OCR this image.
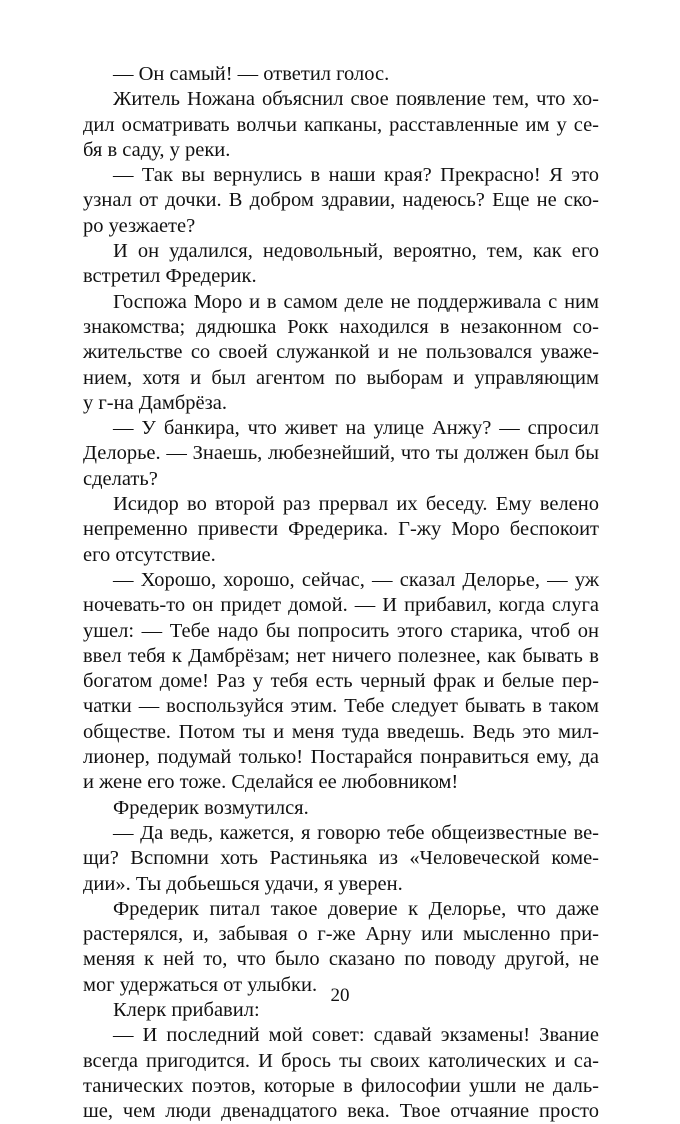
— Он самый! — ответил голос.
Житель Ножана объяснил свое появление тем, что хо-
дил осматривать волчьи капканы, расставленные им у се-
бя в саду, у реки.
— Так вы вернулись в наши края? Прекрасно! Я это
узнал от дочки. В добром здравии, надеюсь? Еще не ско-
ро уезжаете?
И он удалился, недовольный, вероятно, тем, как его
встретил Фредерик.
Госпожа Моро и в самом деле не поддерживала с ним
знакомства; дядюшка Рокк находился в незаконном со-
жительстве со своей служанкой и не пользовался уваже-
нием, хотя и был агентом по выборам и управляющим
у г-на Дамбрёза.
— У банкира, что живет на улице Анжу? — спросил
Делорье. — Знаешь, любезнейший, что ты должен был бы
сделать?
Исидор во второй раз прервал их беседу. Ему велено
непременно привести Фредерика. Г-жу Моро беспокоит
его отсутствие.
— Хорошо, хорошо, сейчас, — сказал Делорье, — уж
ночевать-то он придет домой. — И прибавил, когда слуга
ушел: — Тебе надо бы попросить этого старика, чтоб он
ввел тебя к Дамбрёзам; нет ничего полезнее, как бывать в
богатом доме! Раз у тебя есть черный фрак и белые пер-
чатки — воспользуйся этим. Тебе следует бывать в таком
обществе. Потом ты и меня туда введешь. Ведь это мил-
лионер, подумай только! Постарайся понравиться ему, да
и жене его тоже. Сделайся ее любовником!
Фредерик возмутился.
— Да ведь, кажется, я говорю тебе общеизвестные ве-
щи? Вспомни хоть Растиньяка из «Человеческой коме-
дии». Ты добьешься удачи, я уверен.
Фредерик питал такое доверие к Делорье, что даже
растерялся, и, забывая о г-же Арну или мысленно при-
меняя к ней то, что было сказано по поводу другой, не
мог удержаться от улыбки.
Клерк прибавил:
— И последний мой совет: сдавай экзамены! Звание
всегда пригодится. И брось ты своих католических и са-
танических поэтов, которые в философии ушли не даль-
ше, чем люди двенадцатого века. Твое отчаяние просто
20
